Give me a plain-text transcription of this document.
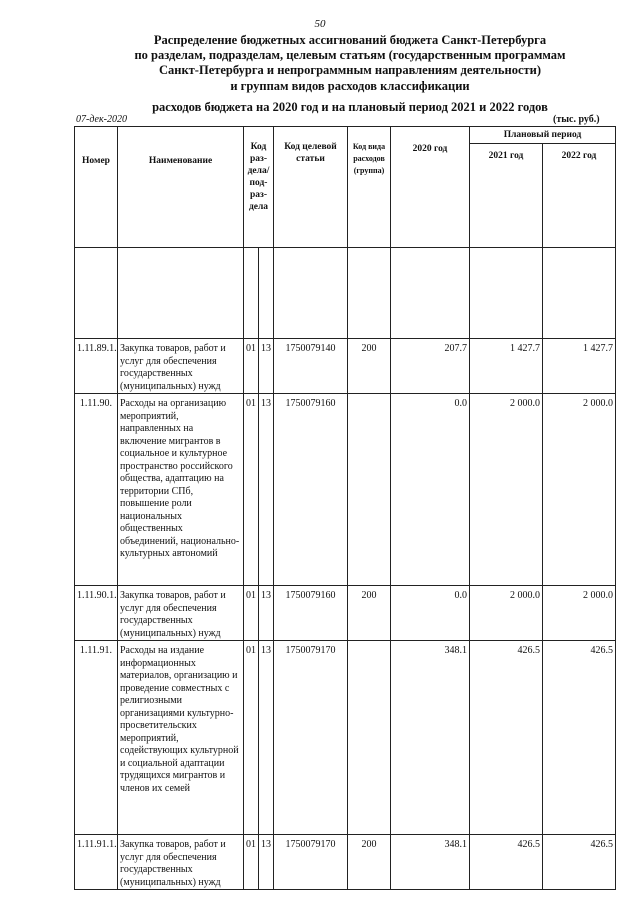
50
Распределение бюджетных ассигнований бюджета Санкт-Петербурга
по разделам, подразделам, целевым статьям (государственным программам
Санкт-Петербурга и непрограммным направлениям деятельности)
и группам видов расходов классификации
расходов бюджета на 2020 год и на плановый период 2021 и 2022 годов
07-дек-2020	(тыс. руб.)
Номер	Наименование	Код раз-дела/ под-раз-дела		Код целевой статьи	Код вида расходов (группа)	2020 год	Плановый период	
							2021 год	2022 год

1.11.89.1.	Закупка товаров, работ и услуг для обеспечения государственных (муниципальных) нужд	01	13	1750079140	200	207.7	1 427.7	1 427.7
1.11.90.	Расходы на организацию мероприятий, направленных на включение мигрантов в социальное и культурное пространство российского общества, адаптацию на территории СПб, повышение роли национальных общественных объединений, национально-культурных автономий	01	13	1750079160		0.0	2 000.0	2 000.0
1.11.90.1.	Закупка товаров, работ и услуг для обеспечения государственных (муниципальных) нужд	01	13	1750079160	200	0.0	2 000.0	2 000.0
1.11.91.	Расходы на издание информационных материалов, организацию и проведение совместных с религиозными организациями культурно-просветительских мероприятий, содействующих культурной и социальной адаптации трудящихся мигрантов и членов их семей	01	13	1750079170		348.1	426.5	426.5
1.11.91.1.	Закупка товаров, работ и услуг для обеспечения государственных (муниципальных) нужд	01	13	1750079170	200	348.1	426.5	426.5
